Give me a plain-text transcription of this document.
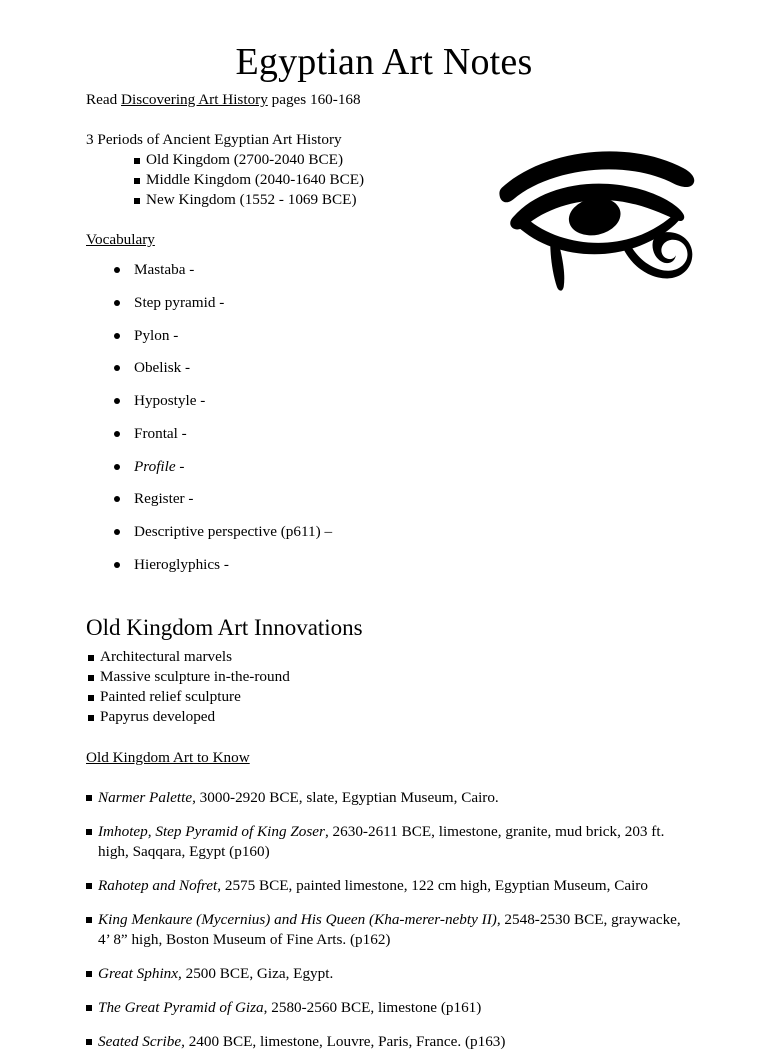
Egyptian Art Notes

Read Discovering Art History pages 160-168

3 Periods of Ancient Egyptian Art History

Old Kingdom (2700-2040 BCE)
Middle Kingdom (2040-1640 BCE)
New Kingdom (1552 - 1069 BCE)

Vocabulary

Mastaba -
Step pyramid -
Pylon -
Obelisk -
Hypostyle -
Frontal -
Profile -
Register -
Descriptive perspective (p611) –
Hieroglyphics -
Old Kingdom Art Innovations
Architectural marvels
Massive sculpture in-the-round
Painted relief sculpture
Papyrus developed

Old Kingdom Art to Know

Narmer Palette, 3000-2920 BCE, slate, Egyptian Museum, Cairo.

Imhotep, Step Pyramid of King Zoser, 2630-2611 BCE, limestone, granite, mud brick, 203 ft. high, Saqqara, Egypt (p160)

Rahotep and Nofret, 2575 BCE, painted limestone, 122 cm high, Egyptian Museum, Cairo

King Menkaure (Mycernius) and His Queen (Kha-merer-nebty II), 2548-2530 BCE, graywacke, 4’ 8” high, Boston Museum of Fine Arts. (p162)

Great Sphinx, 2500 BCE, Giza, Egypt.

The Great Pyramid of Giza, 2580-2560 BCE, limestone (p161)

Seated Scribe, 2400 BCE, limestone, Louvre, Paris, France. (p163)
